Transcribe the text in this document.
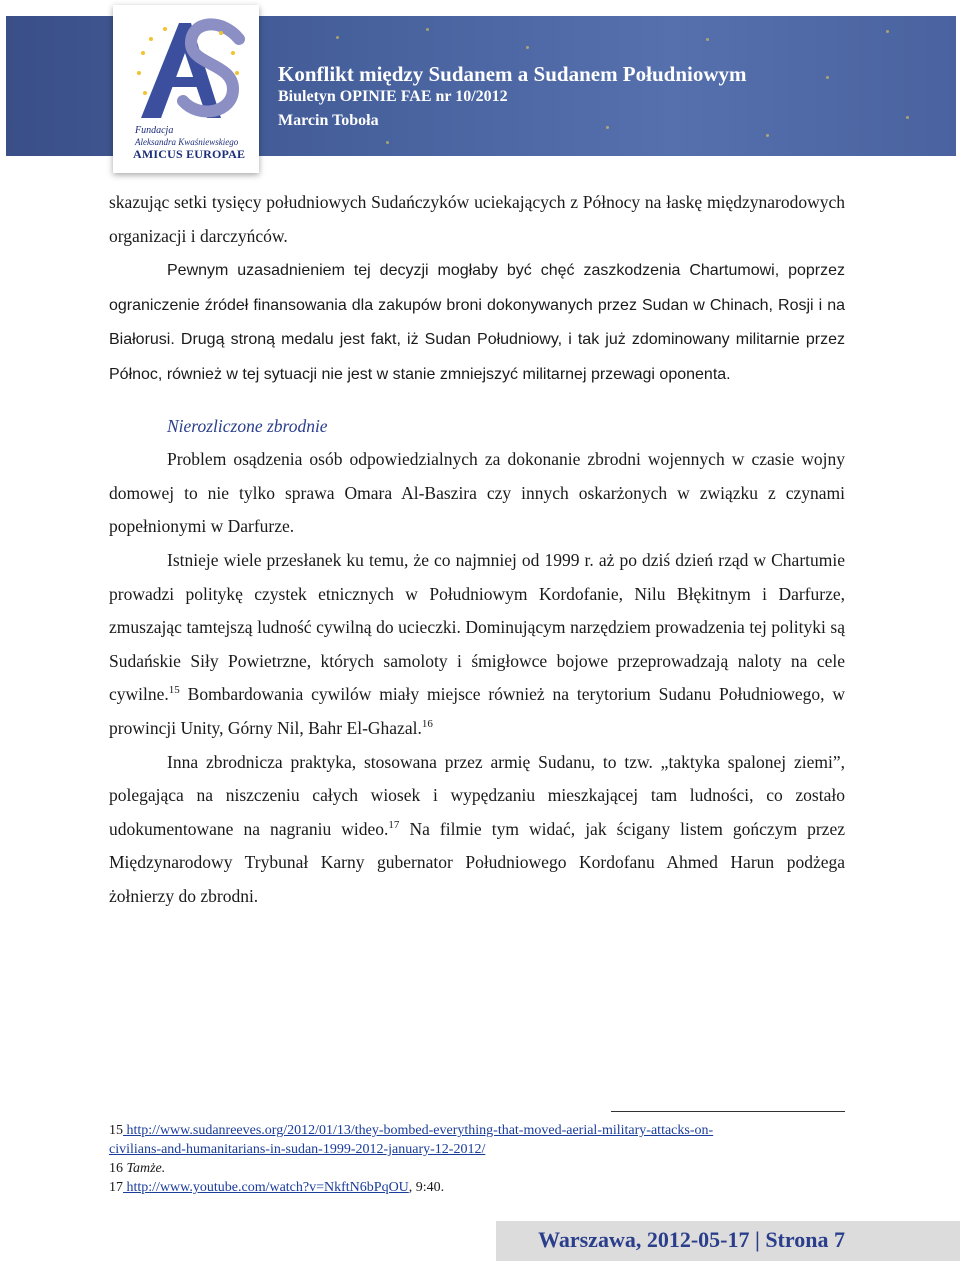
Konflikt między Sudanem a Sudanem Południowym
Biuletyn OPINIE FAE nr 10/2012
Marcin Toboła
Fundacja
Aleksandra Kwaśniewskiego
AMICUS EUROPAE

skazując setki tysięcy południowych Sudańczyków uciekających z Północy na łaskę międzynarodowych organizacji i darczyńców.

Pewnym uzasadnieniem tej decyzji mogłaby być chęć zaszkodzenia Chartumowi, poprzez ograniczenie źródeł finansowania dla zakupów broni dokonywanych przez Sudan w Chinach, Rosji i na Białorusi. Drugą stroną medalu jest fakt, iż Sudan Południowy, i tak już zdominowany militarnie przez Północ, również w tej sytuacji nie jest w stanie zmniejszyć militarnej przewagi oponenta.

Nierozliczone zbrodnie

Problem osądzenia osób odpowiedzialnych za dokonanie zbrodni wojennych w czasie wojny domowej to nie tylko sprawa Omara Al-Baszira czy innych oskarżonych w związku z czynami popełnionymi w Darfurze.

Istnieje wiele przesłanek ku temu, że co najmniej od 1999 r. aż po dziś dzień rząd w Chartumie prowadzi politykę czystek etnicznych w Południowym Kordofanie, Nilu Błękitnym i Darfurze, zmuszając tamtejszą ludność cywilną do ucieczki. Dominującym narzędziem prowadzenia tej polityki są Sudańskie Siły Powietrzne, których samoloty i śmigłowce bojowe przeprowadzają naloty na cele cywilne.$^{15}$ Bombardowania cywilów miały miejsce również na terytorium Sudanu Południowego, w prowincji Unity, Górny Nil, Bahr El-Ghazal.$^{16}$

Inna zbrodnicza praktyka, stosowana przez armię Sudanu, to tzw. „taktyka spalonej ziemi”, polegająca na niszczeniu całych wiosek i wypędzaniu mieszkającej tam ludności, co zostało udokumentowane na nagraniu wideo.$^{17}$ Na filmie tym widać, jak ścigany listem gończym przez Międzynarodowy Trybunał Karny gubernator Południowego Kordofanu Ahmed Harun podżega żołnierzy do zbrodni.

15 http://www.sudanreeves.org/2012/01/13/they-bombed-everything-that-moved-aerial-military-attacks-on-
civilians-and-humanitarians-in-sudan-1999-2012-january-12-2012/
16 Tamże.
17 http://www.youtube.com/watch?v=NkftN6bPqOU, 9:40.
Warszawa, 2012-05-17 | Strona 7
